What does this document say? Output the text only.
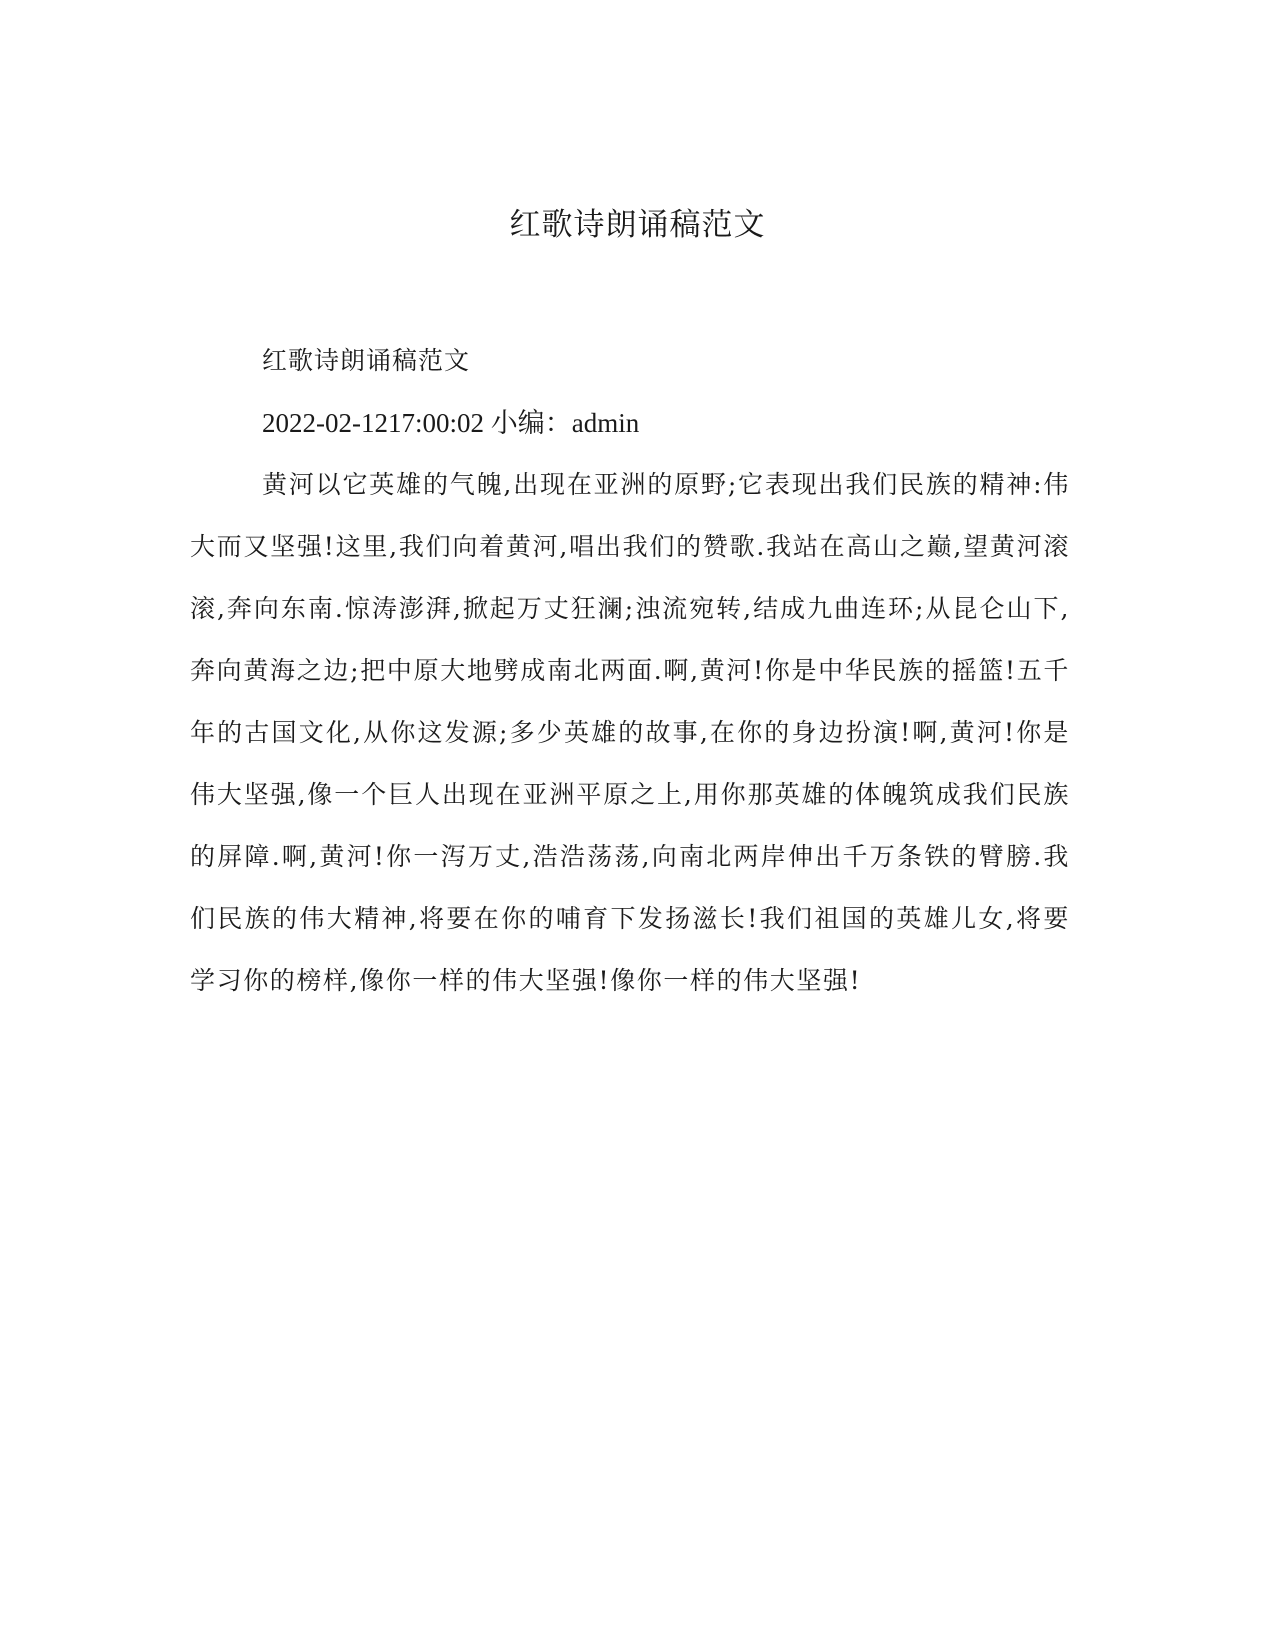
红歌诗朗诵稿范文

红歌诗朗诵稿范文

2022-02-1217:00:02 小编：admin

黄河以它英雄的气魄,出现在亚洲的原野;它表现出我们民族的精神:伟大而又坚强!这里,我们向着黄河,唱出我们的赞歌.我站在高山之巅,望黄河滚滚,奔向东南.惊涛澎湃,掀起万丈狂澜;浊流宛转,结成九曲连环;从昆仑山下,奔向黄海之边;把中原大地劈成南北两面.啊,黄河!你是中华民族的摇篮!五千年的古国文化,从你这发源;多少英雄的故事,在你的身边扮演!啊,黄河!你是伟大坚强,像一个巨人出现在亚洲平原之上,用你那英雄的体魄筑成我们民族的屏障.啊,黄河!你一泻万丈,浩浩荡荡,向南北两岸伸出千万条铁的臂膀.我们民族的伟大精神,将要在你的哺育下发扬滋长!我们祖国的英雄儿女,将要学习你的榜样,像你一样的伟大坚强!像你一样的伟大坚强!
